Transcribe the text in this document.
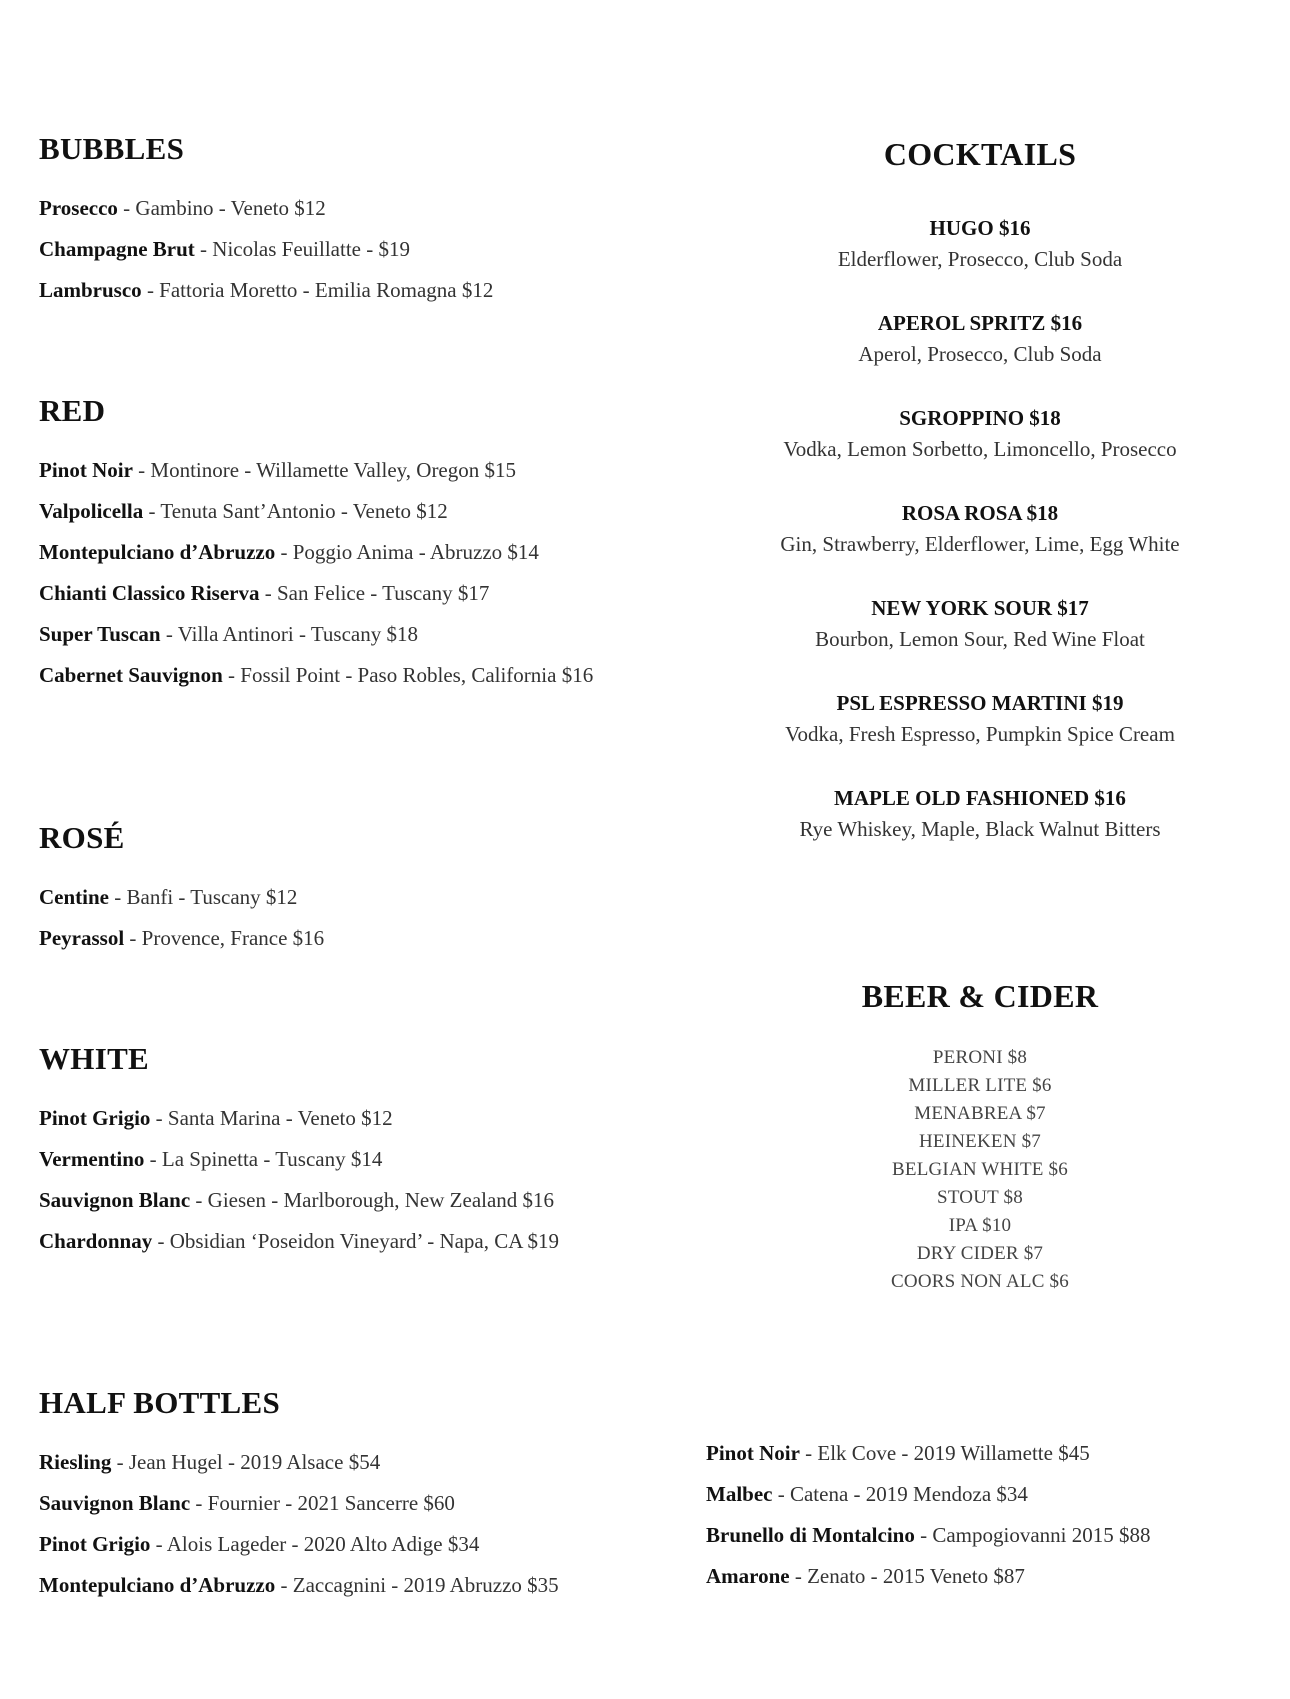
BUBBLES
Prosecco - Gambino - Veneto $12
Champagne Brut - Nicolas Feuillatte - $19
Lambrusco - Fattoria Moretto - Emilia Romagna $12
RED
Pinot Noir - Montinore - Willamette Valley, Oregon $15
Valpolicella - Tenuta Sant’Antonio - Veneto $12
Montepulciano d’Abruzzo - Poggio Anima - Abruzzo $14
Chianti Classico Riserva - San Felice - Tuscany $17
Super Tuscan - Villa Antinori - Tuscany $18
Cabernet Sauvignon - Fossil Point - Paso Robles, California $16
ROSÉ
Centine - Banfi - Tuscany $12
Peyrassol - Provence, France $16
WHITE
Pinot Grigio - Santa Marina - Veneto $12
Vermentino - La Spinetta - Tuscany $14
Sauvignon Blanc - Giesen - Marlborough, New Zealand $16
Chardonnay - Obsidian ‘Poseidon Vineyard’ - Napa, CA $19
HALF BOTTLES
Riesling - Jean Hugel - 2019 Alsace $54
Sauvignon Blanc - Fournier - 2021 Sancerre $60
Pinot Grigio - Alois Lageder - 2020 Alto Adige $34
Montepulciano d’Abruzzo - Zaccagnini - 2019 Abruzzo $35
Pinot Noir - Elk Cove - 2019 Willamette $45
Malbec - Catena - 2019 Mendoza $34
Brunello di Montalcino - Campogiovanni 2015 $88
Amarone - Zenato - 2015 Veneto $87
COCKTAILS
HUGO $16
Elderflower, Prosecco, Club Soda
APEROL SPRITZ $16
Aperol, Prosecco, Club Soda
SGROPPINO $18
Vodka, Lemon Sorbetto, Limoncello, Prosecco
ROSA ROSA $18
Gin, Strawberry, Elderflower, Lime, Egg White
NEW YORK SOUR $17
Bourbon, Lemon Sour, Red Wine Float
PSL ESPRESSO MARTINI $19
Vodka, Fresh Espresso, Pumpkin Spice Cream
MAPLE OLD FASHIONED $16
Rye Whiskey, Maple, Black Walnut Bitters
BEER & CIDER
PERONI $8
MILLER LITE $6
MENABREA $7
HEINEKEN $7
BELGIAN WHITE $6
STOUT $8
IPA $10
DRY CIDER $7
COORS NON ALC $6
